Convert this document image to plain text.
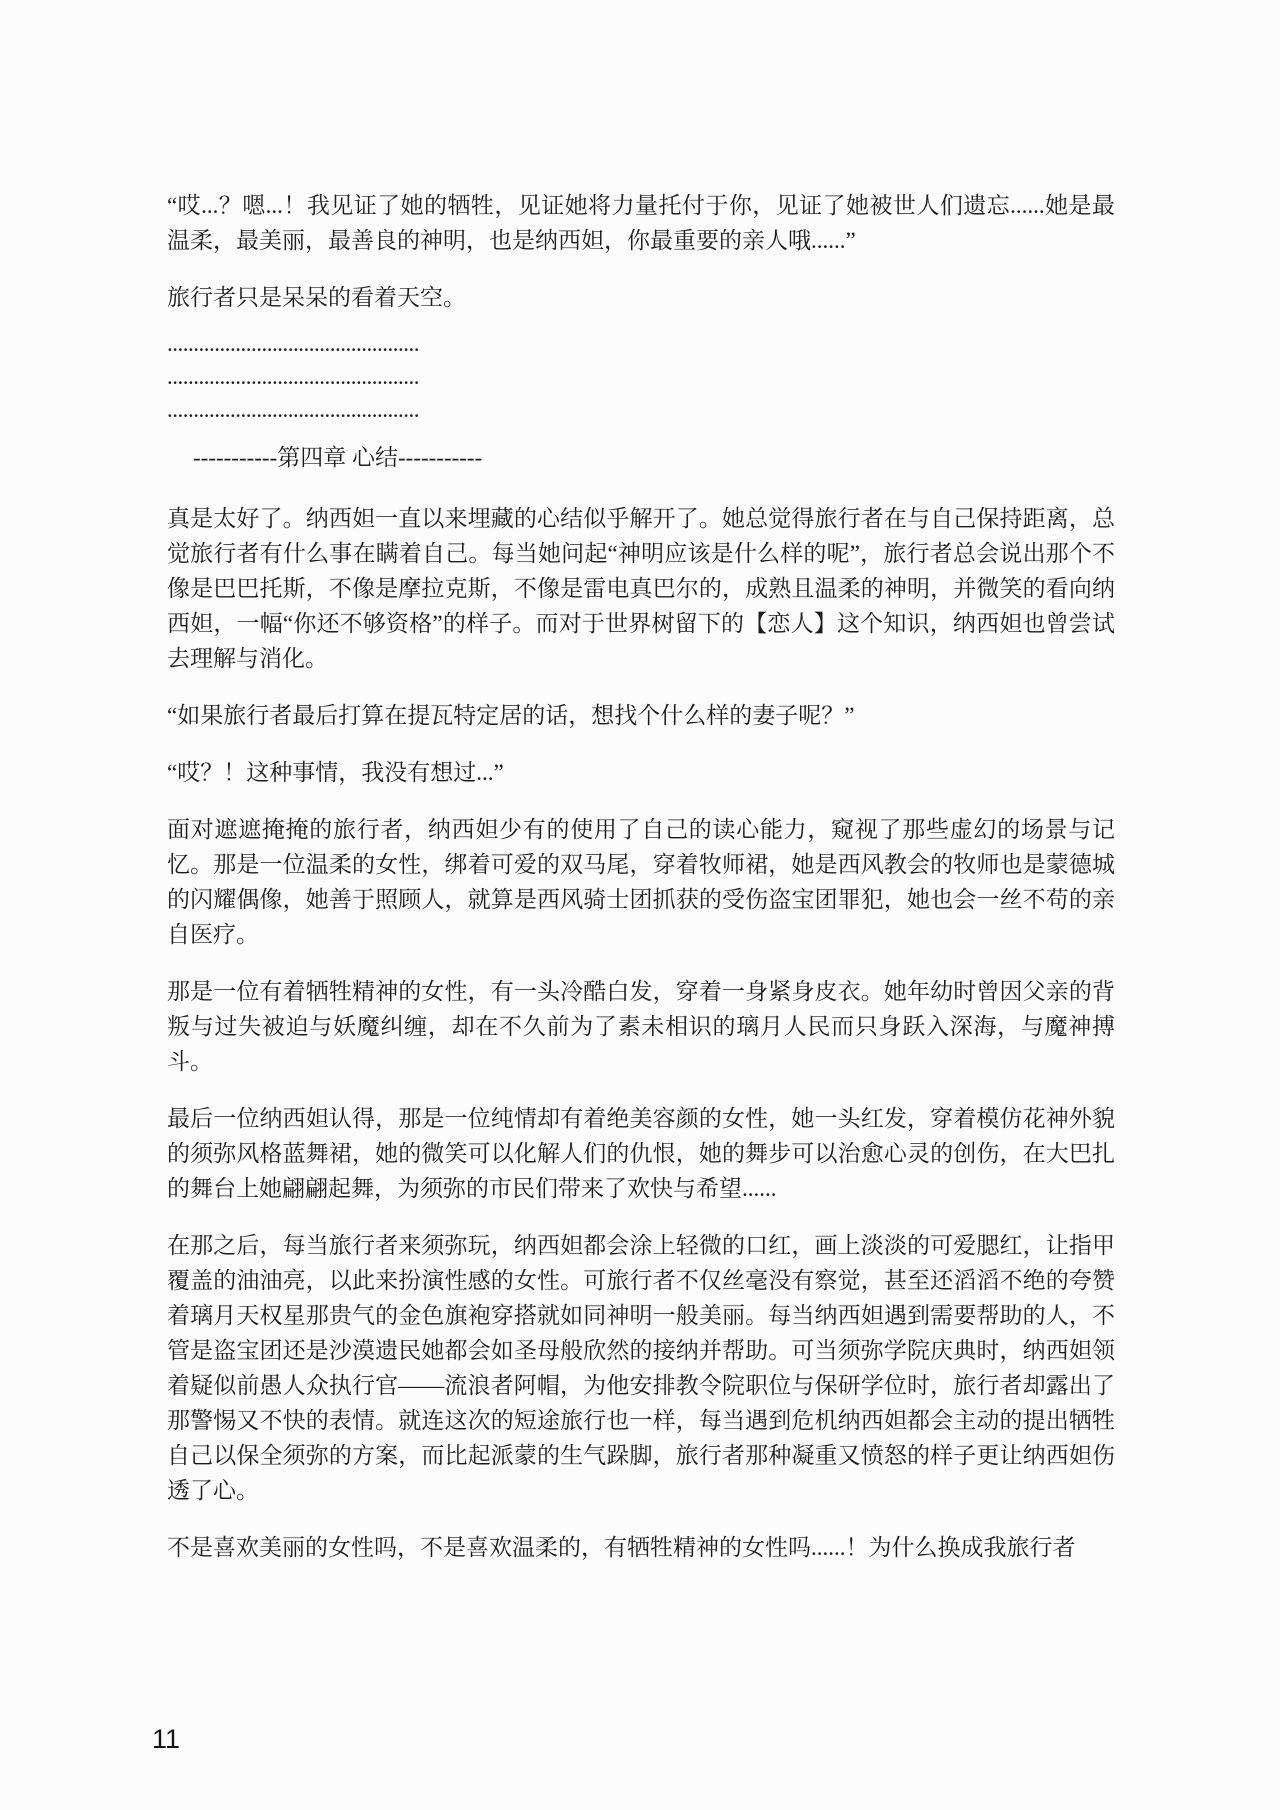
“哎...？嗯...！我见证了她的牺牲，见证她将力量托付于你，见证了她被世人们遗忘......她是最温柔，最美丽，最善良的神明，也是纳西妲，你最重要的亲人哦......”

旅行者只是呆呆的看着天空。

................................................

................................................

................................................

-----------第四章 心结-----------

真是太好了。纳西妲一直以来埋藏的心结似乎解开了。她总觉得旅行者在与自己保持距离，总觉旅行者有什么事在瞒着自己。每当她问起“神明应该是什么样的呢”，旅行者总会说出那个不像是巴巴托斯，不像是摩拉克斯，不像是雷电真巴尔的，成熟且温柔的神明，并微笑的看向纳西妲，一幅“你还不够资格”的样子。而对于世界树留下的【恋人】这个知识，纳西妲也曾尝试去理解与消化。

“如果旅行者最后打算在提瓦特定居的话，想找个什么样的妻子呢？”

“哎？！这种事情，我没有想过...”

面对遮遮掩掩的旅行者，纳西妲少有的使用了自己的读心能力，窥视了那些虚幻的场景与记忆。那是一位温柔的女性，绑着可爱的双马尾，穿着牧师裙，她是西风教会的牧师也是蒙德城的闪耀偶像，她善于照顾人，就算是西风骑士团抓获的受伤盗宝团罪犯，她也会一丝不苟的亲自医疗。

那是一位有着牺牲精神的女性，有一头冷酷白发，穿着一身紧身皮衣。她年幼时曾因父亲的背叛与过失被迫与妖魔纠缠，却在不久前为了素未相识的璃月人民而只身跃入深海，与魔神搏斗。

最后一位纳西妲认得，那是一位纯情却有着绝美容颜的女性，她一头红发，穿着模仿花神外貌的须弥风格蓝舞裙，她的微笑可以化解人们的仇恨，她的舞步可以治愈心灵的创伤，在大巴扎的舞台上她翩翩起舞，为须弥的市民们带来了欢快与希望......

在那之后，每当旅行者来须弥玩，纳西妲都会涂上轻微的口红，画上淡淡的可爱腮红，让指甲覆盖的油油亮，以此来扮演性感的女性。可旅行者不仅丝毫没有察觉，甚至还滔滔不绝的夸赞着璃月天权星那贵气的金色旗袍穿搭就如同神明一般美丽。每当纳西妲遇到需要帮助的人，不管是盗宝团还是沙漠遗民她都会如圣母般欣然的接纳并帮助。可当须弥学院庆典时，纳西妲领着疑似前愚人众执行官——流浪者阿帽，为他安排教令院职位与保研学位时，旅行者却露出了那警惕又不快的表情。就连这次的短途旅行也一样，每当遇到危机纳西妲都会主动的提出牺牲自己以保全须弥的方案，而比起派蒙的生气跺脚，旅行者那种凝重又愤怒的样子更让纳西妲伤透了心。

不是喜欢美丽的女性吗，不是喜欢温柔的，有牺牲精神的女性吗......！为什么换成我旅行者

11
